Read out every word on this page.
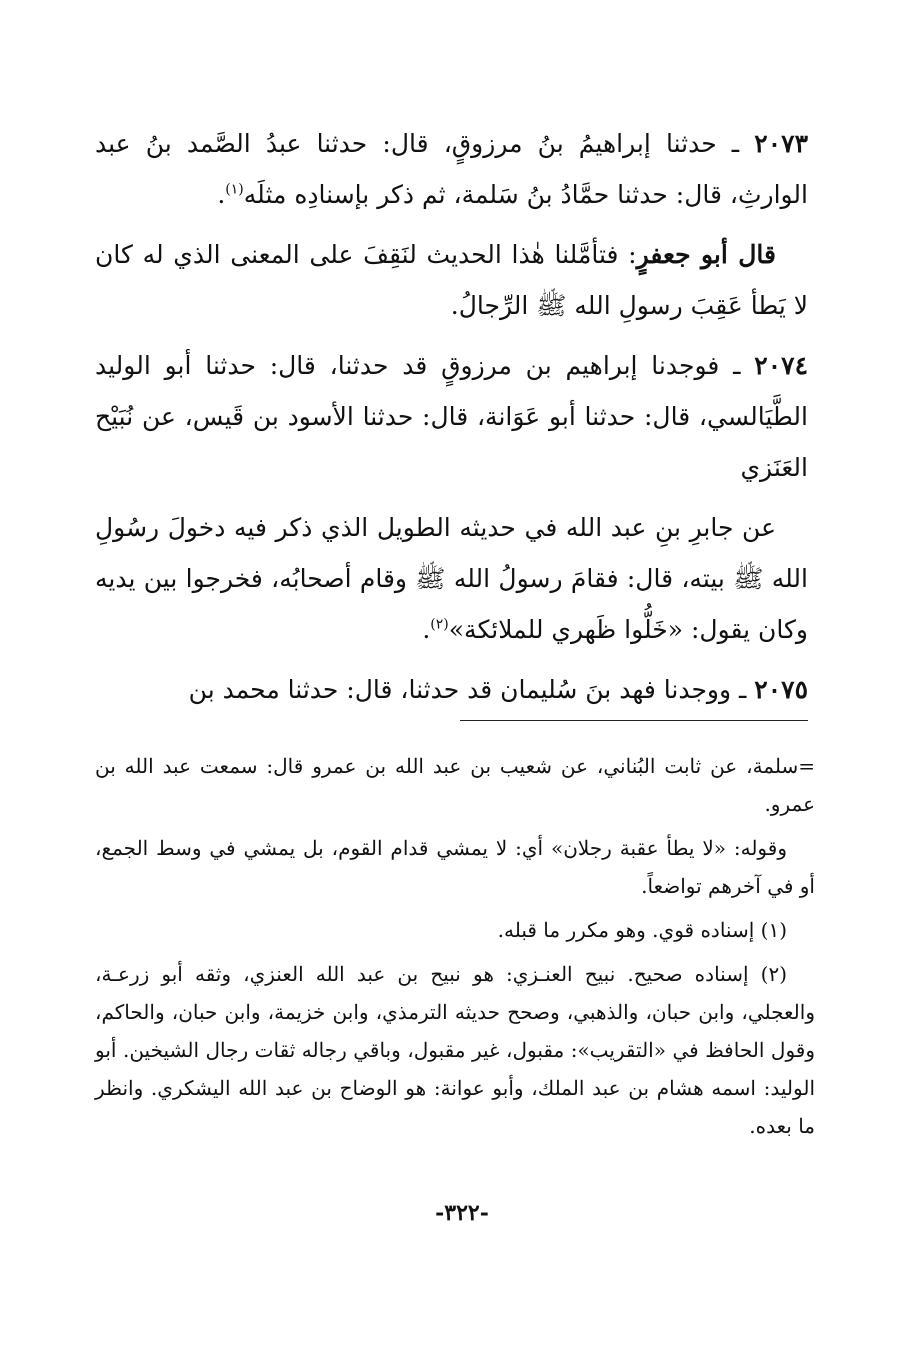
٢٠٧٣ ـ حدثنا إبراهيمُ بنُ مرزوقٍ، قال: حدثنا عبدُ الصَّمد بنُ عبد الوارثِ، قال: حدثنا حمَّادُ بنُ سَلمة، ثم ذكر بإسنادِه مثلَه$^{(١)}$.

قال أبو جعفرٍ: فتأمَّلنا هٰذا الحديث لنَقِفَ على المعنى الذي له كان لا يَطأ عَقِبَ رسولِ الله ﷺ الرِّجالُ.

٢٠٧٤ ـ فوجدنا إبراهيم بن مرزوقٍ قد حدثنا، قال: حدثنا أبو الوليد الطَّيَالسي، قال: حدثنا أبو عَوَانة، قال: حدثنا الأسود بن قَيس، عن نُبَيْح العَنَزي

عن جابرِ بنِ عبد الله في حديثه الطويل الذي ذكر فيه دخولَ رسُولِ الله ﷺ بيته، قال: فقامَ رسولُ الله ﷺ وقام أصحابُه، فخرجوا بين يديه وكان يقول: «خَلُّوا ظَهري للملائكة»$^{(٢)}$.

٢٠٧٥ ـ ووجدنا فهد بنَ سُليمان قد حدثنا، قال: حدثنا محمد بن

=سلمة، عن ثابت البُناني، عن شعيب بن عبد الله بن عمرو قال: سمعت عبد الله بن عمرو.

وقوله: «لا يطأ عقبة رجلان» أي: لا يمشي قدام القوم، بل يمشي في وسط الجمع، أو في آخرهم تواضعاً.

(١) إسناده قوي. وهو مكرر ما قبله.

(٢) إسناده صحيح. نبيح العنـزي: هو نبيح بن عبد الله العنزي، وثقه أبو زرعـة، والعجلي، وابن حبان، والذهبي، وصحح حديثه الترمذي، وابن خزيمة، وابن حبان، والحاكم، وقول الحافظ في «التقريب»: مقبول، غير مقبول، وباقي رجاله ثقات رجال الشيخين. أبو الوليد: اسمه هشام بن عبد الملك، وأبو عوانة: هو الوضاح بن عبد الله اليشكري. وانظر ما بعده.

-٣٢٢-
